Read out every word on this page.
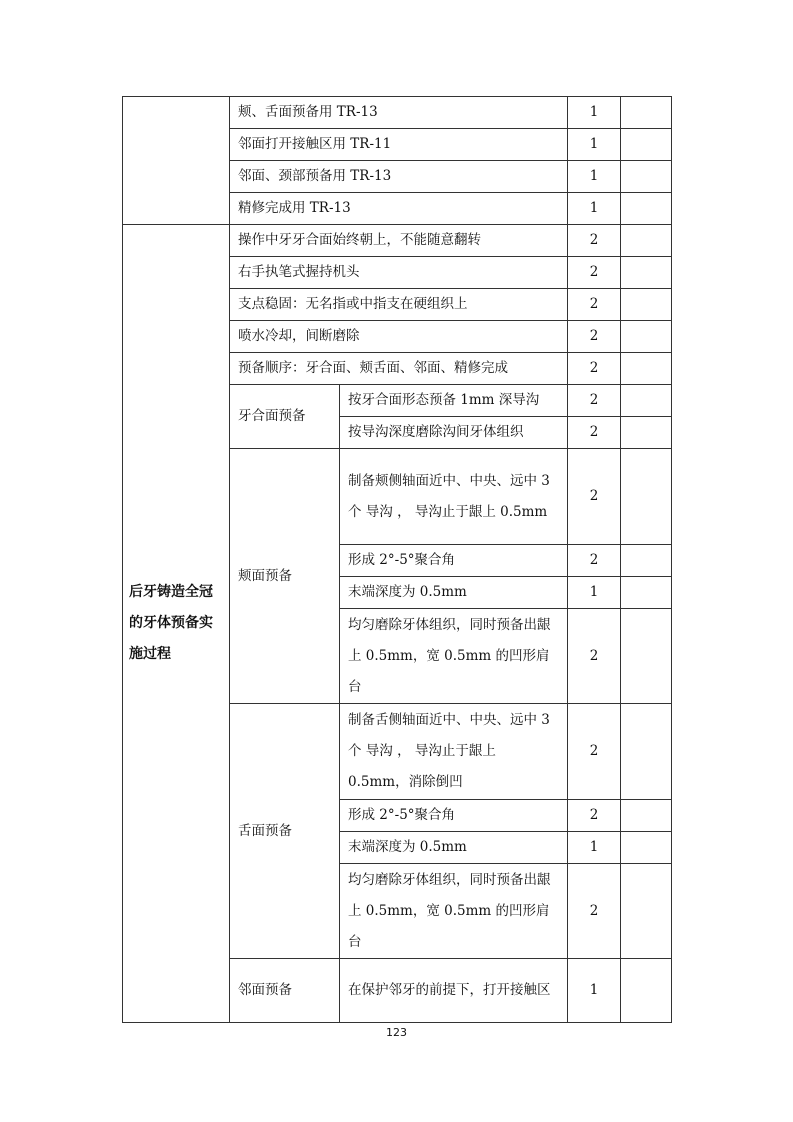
	颊、舌面预备用 TR-13		1	
	邻面打开接触区用 TR-11		1	
	邻面、颈部预备用 TR-13		1	
	精修完成用 TR-13		1	
后牙铸造全冠的牙体预备实施过程	操作中牙牙合面始终朝上，不能随意翻转		2	
	右手执笔式握持机头		2	
	支点稳固：无名指或中指支在硬组织上		2	
	喷水冷却，间断磨除		2	
	预备顺序：牙合面、颊舌面、邻面、精修完成		2	
	牙合面预备	按牙合面形态预备 1mm 深导沟	2	
		按导沟深度磨除沟间牙体组织	2	
	颊面预备	制备颊侧轴面近中、中央、远中 3 个 导沟 ， 导沟止于龈上 0.5mm	2	
		形成 2°-5°聚合角	2	
		末端深度为 0.5mm	1	
		均匀磨除牙体组织，同时预备出龈上 0.5mm，宽 0.5mm 的凹形肩台	2	
	舌面预备	制备舌侧轴面近中、中央、远中 3 个 导沟 ， 导沟止于龈上 0.5mm，消除倒凹	2	
		形成 2°-5°聚合角	2	
		末端深度为 0.5mm	1	
		均匀磨除牙体组织，同时预备出龈上 0.5mm，宽 0.5mm 的凹形肩台	2	
	邻面预备	在保护邻牙的前提下，打开接触区	1	
123
